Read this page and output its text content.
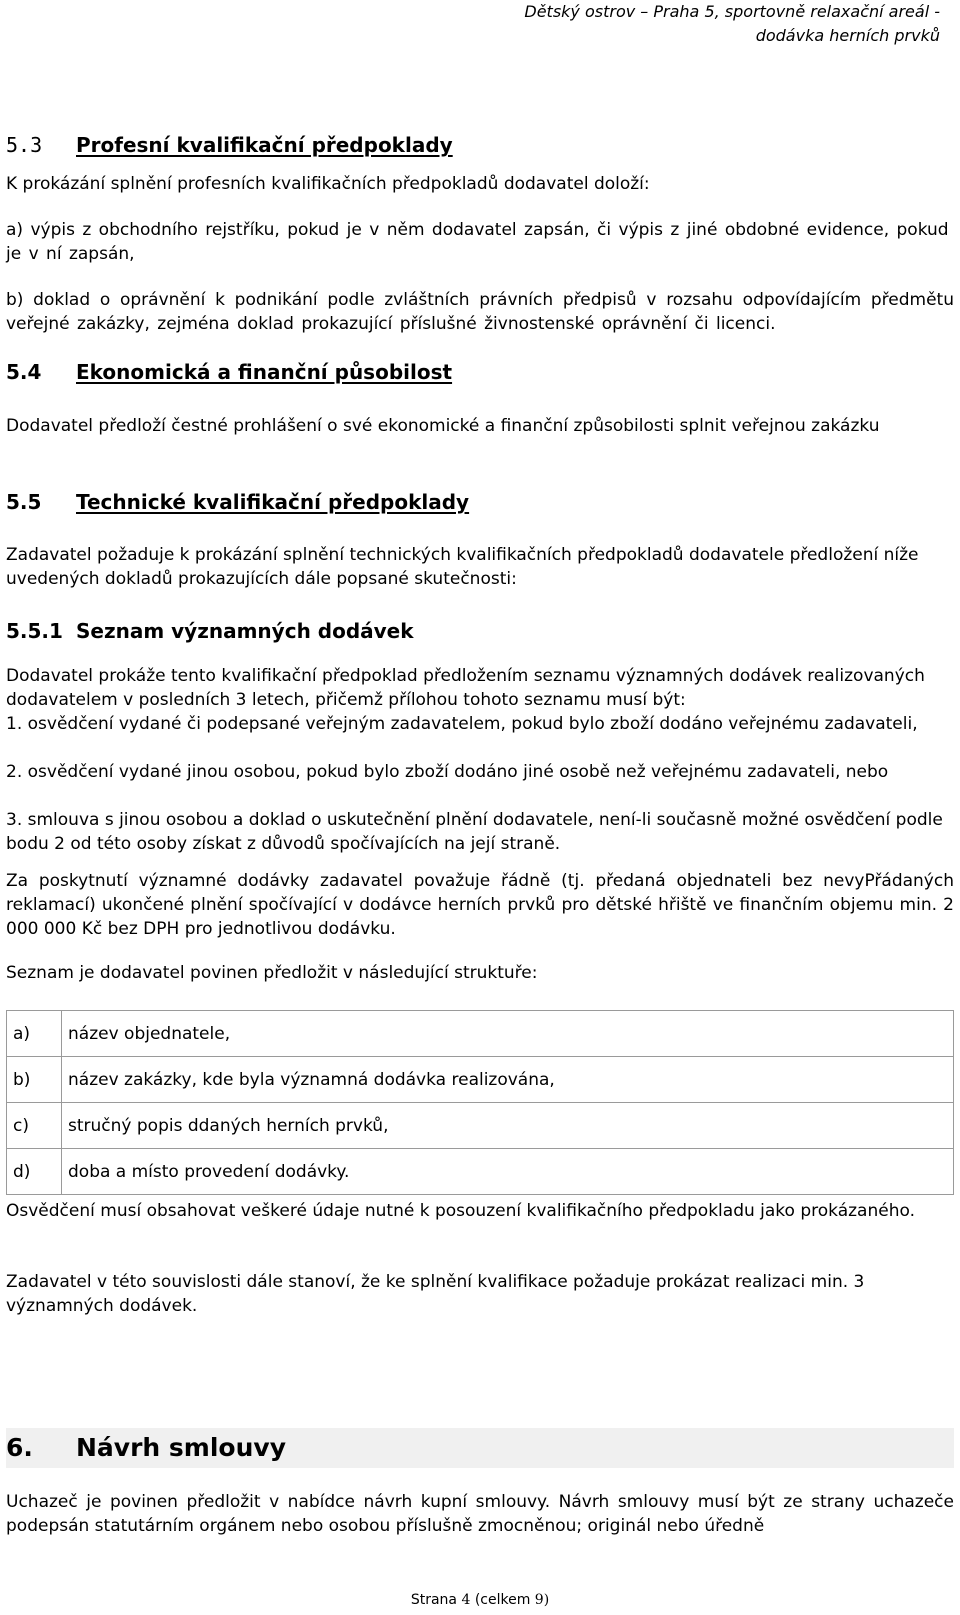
Dětský ostrov – Praha 5, sportovně relaxační areál -
dodávka herních prvků
5.3 Profesní kvalifikační předpoklady
K prokázání splnění profesních kvalifikačních předpokladů dodavatel doloží:
a) výpis z obchodního rejstříku, pokud je v něm dodavatel zapsán, či výpis z jiné obdobné evidence, pokud je v ní zapsán,
b) doklad o oprávnění k podnikání podle zvláštních právních předpisů v rozsahu odpovídajícím předmětu veřejné zakázky, zejména doklad prokazující příslušné živnostenské oprávnění či licenci.
5.4 Ekonomická a finanční působilost
Dodavatel předloží čestné prohlášení o své ekonomické a finanční způsobilosti splnit veřejnou zakázku
5.5 Technické kvalifikační předpoklady
Zadavatel požaduje k prokázání splnění technických kvalifikačních předpokladů dodavatele předložení níže uvedených dokladů prokazujících dále popsané skutečnosti:
5.5.1 Seznam významných dodávek
Dodavatel prokáže tento kvalifikační předpoklad předložením seznamu významných dodávek realizovaných dodavatelem v posledních 3 letech, přičemž přílohou tohoto seznamu musí být:
1. osvědčení vydané či podepsané veřejným zadavatelem, pokud bylo zboží dodáno veřejnému zadavateli,
2. osvědčení vydané jinou osobou, pokud bylo zboží dodáno jiné osobě než veřejnému zadavateli, nebo
3. smlouva s jinou osobou a doklad o uskutečnění plnění dodavatele, není-li současně možné osvědčení podle bodu 2 od této osoby získat z důvodů spočívajících na její straně.
Za poskytnutí významné dodávky zadavatel považuje řádně (tj. předaná objednateli bez nevyPřádaných reklamací) ukončené plnění spočívající v dodávce herních prvků pro dětské hřiště ve finančním objemu min. 2 000 000 Kč bez DPH pro jednotlivou dodávku.
Seznam je dodavatel povinen předložit v následující struktuře:
a)	název objednatele,
b)	název zakázky, kde byla významná dodávka realizována,
c)	stručný popis ddaných herních prvků,
d)	doba a místo provedení dodávky.
Osvědčení musí obsahovat veškeré údaje nutné k posouzení kvalifikačního předpokladu jako prokázaného.
Zadavatel v této souvislosti dále stanoví, že ke splnění kvalifikace požaduje prokázat realizaci min. 3 významných dodávek.
6. Návrh smlouvy
Uchazeč je povinen předložit v nabídce návrh kupní smlouvy. Návrh smlouvy musí být ze strany uchazeče podepsán statutárním orgánem nebo osobou příslušně zmocněnou; originál nebo úředně
Strana 4 (celkem 9)
